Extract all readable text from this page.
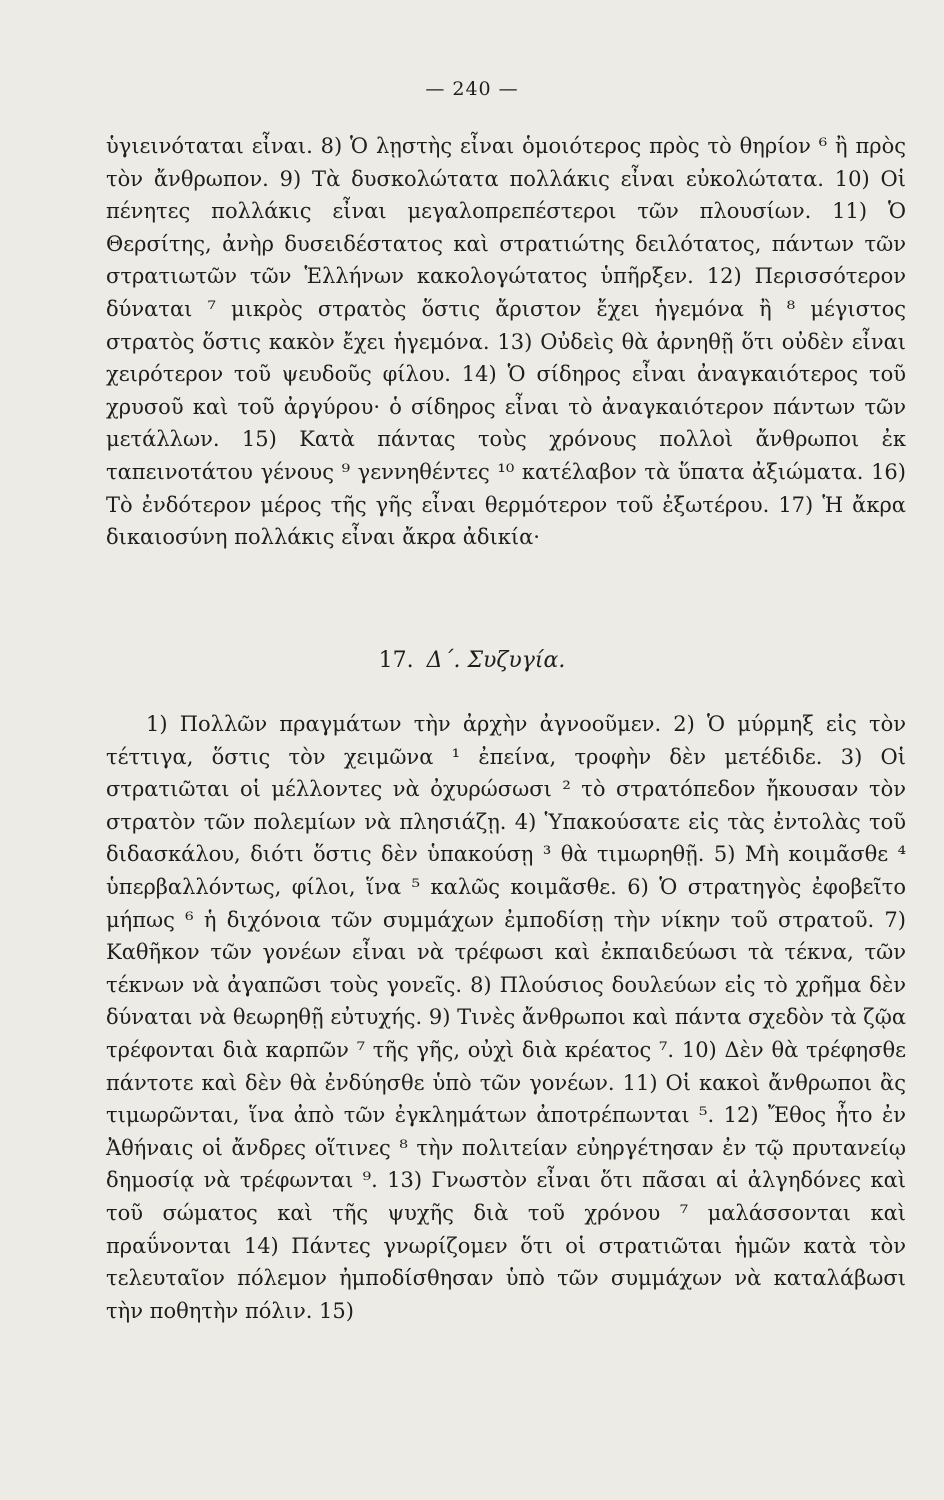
— 240 —

ὑγιεινόταται εἶναι. 8) Ὁ λῃστὴς εἶναι ὁμοιότερος πρὸς τὸ θηρίον ⁶ ἢ πρὸς τὸν ἄνθρωπον. 9) Τὰ δυσκολώτατα πολλάκις εἶναι εὐκολώτατα. 10) Οἱ πένητες πολλάκις εἶναι μεγαλοπρεπέστεροι τῶν πλουσίων. 11) Ὁ Θερσίτης, ἀνὴρ δυσειδέστατος καὶ στρατιώτης δειλότατος, πάντων τῶν στρατιωτῶν τῶν Ἑλλήνων κακολογώτατος ὑπῆρξεν. 12) Περισσότερον δύναται ⁷ μικρὸς στρατὸς ὅστις ἄριστον ἔχει ἡγεμόνα ἢ ⁸ μέγιστος στρατὸς ὅστις κακὸν ἔχει ἡγεμόνα. 13) Οὐδεὶς θὰ ἀρνηθῇ ὅτι οὐδὲν εἶναι χειρότερον τοῦ ψευδοῦς φίλου. 14) Ὁ σίδηρος εἶναι ἀναγκαιότερος τοῦ χρυσοῦ καὶ τοῦ ἀργύρου· ὁ σίδηρος εἶναι τὸ ἀναγκαιότερον πάντων τῶν μετάλλων. 15) Κατὰ πάντας τοὺς χρόνους πολλοὶ ἄνθρωποι ἐκ ταπεινοτάτου γένους ⁹ γεννηθέντες ¹⁰ κατέλαβον τὰ ὕπατα ἀξιώματα. 16) Τὸ ἐνδότερον μέρος τῆς γῆς εἶναι θερμότερον τοῦ ἐξωτέρου. 17) Ἡ ἄκρα δικαιοσύνη πολλάκις εἶναι ἄκρα ἀδικία·

17. Δ΄. Συζυγία.

1) Πολλῶν πραγμάτων τὴν ἀρχὴν ἀγνοοῦμεν. 2) Ὁ μύρμηξ εἰς τὸν τέττιγα, ὅστις τὸν χειμῶνα ¹ ἐπείνα, τροφὴν δὲν μετέδιδε. 3) Οἱ στρατιῶται οἱ μέλλοντες νὰ ὀχυρώσωσι ² τὸ στρατόπεδον ἤκουσαν τὸν στρατὸν τῶν πολεμίων νὰ πλησιάζῃ. 4) Ὑπακούσατε εἰς τὰς ἐντολὰς τοῦ διδασκάλου, διότι ὅστις δὲν ὑπακούσῃ ³ θὰ τιμωρηθῇ. 5) Μὴ κοιμᾶσθε ⁴ ὑπερβαλλόντως, φίλοι, ἵνα ⁵ καλῶς κοιμᾶσθε. 6) Ὁ στρατηγὸς ἐφοβεῖτο μήπως ⁶ ἡ διχόνοια τῶν συμμάχων ἐμποδίσῃ τὴν νίκην τοῦ στρατοῦ. 7) Καθῆκον τῶν γονέων εἶναι νὰ τρέφωσι καὶ ἐκπαιδεύωσι τὰ τέκνα, τῶν τέκνων νὰ ἀγαπῶσι τοὺς γονεῖς. 8) Πλούσιος δουλεύων εἰς τὸ χρῆμα δὲν δύναται νὰ θεωρηθῇ εὐτυχής. 9) Τινὲς ἄνθρωποι καὶ πάντα σχεδὸν τὰ ζῷα τρέφονται διὰ καρπῶν ⁷ τῆς γῆς, οὐχὶ διὰ κρέατος ⁷. 10) Δὲν θὰ τρέφησθε πάντοτε καὶ δὲν θὰ ἐνδύησθε ὑπὸ τῶν γονέων. 11) Οἱ κακοὶ ἄνθρωποι ἂς τιμωρῶνται, ἵνα ἀπὸ τῶν ἐγκλημάτων ἀποτρέπωνται ⁵. 12) Ἔθος ἦτο ἐν Ἀθήναις οἱ ἄνδρες οἵτινες ⁸ τὴν πολιτείαν εὐηργέτησαν ἐν τῷ πρυτανείῳ δημοσίᾳ νὰ τρέφωνται ⁹. 13) Γνωστὸν εἶναι ὅτι πᾶσαι αἱ ἀλγηδόνες καὶ τοῦ σώματος καὶ τῆς ψυχῆς διὰ τοῦ χρόνου ⁷ μαλάσσονται καὶ πραΰνονται 14) Πάντες γνωρίζομεν ὅτι οἱ στρατιῶται ἡμῶν κατὰ τὸν τελευταῖον πόλεμον ἠμποδίσθησαν ὑπὸ τῶν συμμάχων νὰ καταλάβωσι τὴν ποθητὴν πόλιν. 15)
